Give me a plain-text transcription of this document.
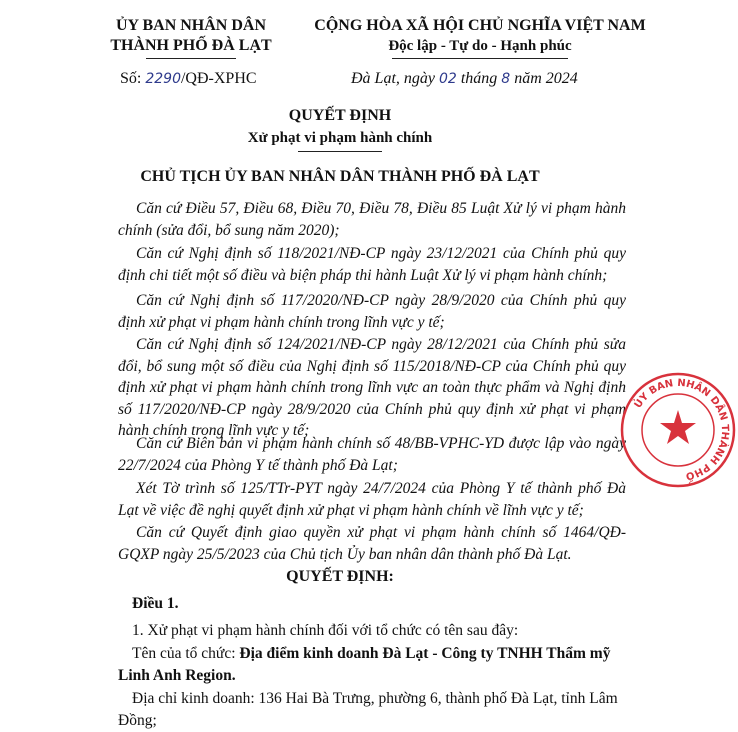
ỦY BAN NHÂN DÂN
THÀNH PHỐ ĐÀ LẠT
CỘNG HÒA XÃ HỘI CHỦ NGHĨA VIỆT NAM
Độc lập - Tự do - Hạnh phúc
Số: 2290/QĐ-XPHC	Đà Lạt, ngày 02 tháng 8 năm 2024
QUYẾT ĐỊNH
Xử phạt vi phạm hành chính
CHỦ TỊCH ỦY BAN NHÂN DÂN THÀNH PHỐ ĐÀ LẠT
Căn cứ Điều 57, Điều 68, Điều 70, Điều 78, Điều 85 Luật Xử lý vi phạm hành chính (sửa đổi, bổ sung năm 2020);
Căn cứ Nghị định số 118/2021/NĐ-CP ngày 23/12/2021 của Chính phủ quy định chi tiết một số điều và biện pháp thi hành Luật Xử lý vi phạm hành chính;
Căn cứ Nghị định số 117/2020/NĐ-CP ngày 28/9/2020 của Chính phủ quy định xử phạt vi phạm hành chính trong lĩnh vực y tế;
Căn cứ Nghị định số 124/2021/NĐ-CP ngày 28/12/2021 của Chính phủ sửa đổi, bổ sung một số điều của Nghị định số 115/2018/NĐ-CP của Chính phủ quy định xử phạt vi phạm hành chính trong lĩnh vực an toàn thực phẩm và Nghị định số 117/2020/NĐ-CP ngày 28/9/2020 của Chính phủ quy định xử phạt vi phạm hành chính trong lĩnh vực y tế;
Căn cứ Biên bản vi phạm hành chính số 48/BB-VPHC-YD được lập vào ngày 22/7/2024 của Phòng Y tế thành phố Đà Lạt;
Xét Tờ trình số 125/TTr-PYT ngày 24/7/2024 của Phòng Y tế thành phố Đà Lạt về việc đề nghị quyết định xử phạt vi phạm hành chính về lĩnh vực y tế;
Căn cứ Quyết định giao quyền xử phạt vi phạm hành chính số 1464/QĐ-GQXP ngày 25/5/2023 của Chủ tịch Ủy ban nhân dân thành phố Đà Lạt.
QUYẾT ĐỊNH:
Điều 1.
1. Xử phạt vi phạm hành chính đối với tổ chức có tên sau đây:
Tên của tổ chức: Địa điểm kinh doanh Đà Lạt - Công ty TNHH Thẩm mỹ Linh Anh Region.
Địa chỉ kinh doanh: 136 Hai Bà Trưng, phường 6, thành phố Đà Lạt, tỉnh Lâm Đồng;
ỦY BAN NHÂN DÂN THÀNH PHỐ
